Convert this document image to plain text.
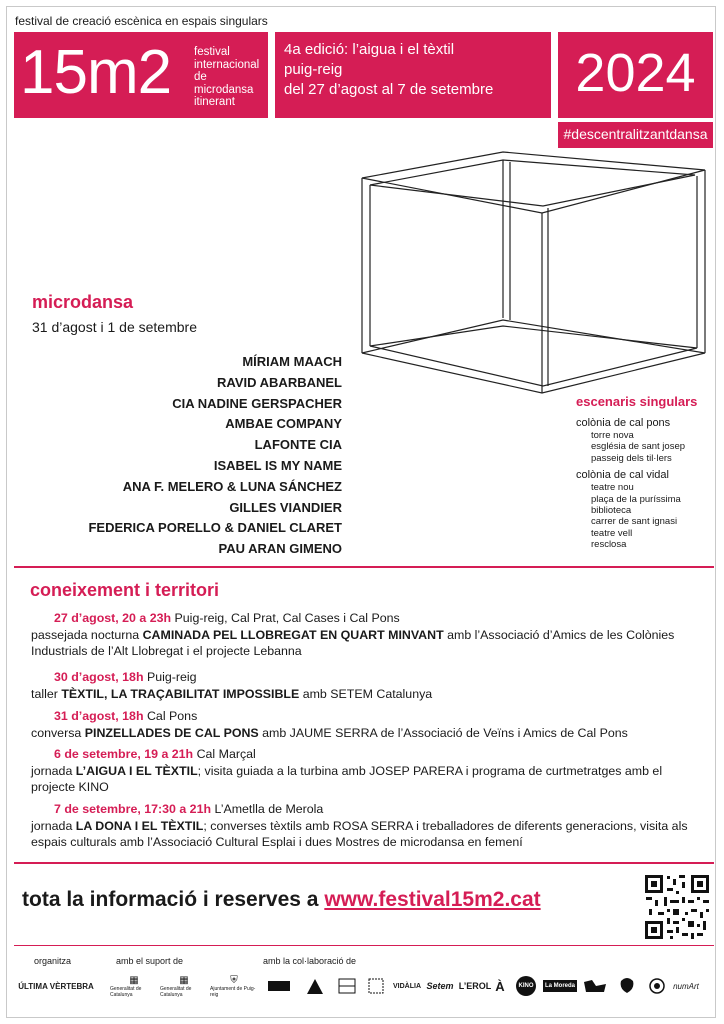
festival de creació escènica en espais singulars
15m2 festival
internacional
de microdansa
itinerant
4a edició: l’aigua i el tèxtil
puig-reig
del 27 d’agost al 7 de setembre	2024
#descentralitzantdansa
microdansa
31 d’agost i 1 de setembre
MÍRIAM MAACH
RAVID ABARBANEL
CIA NADINE GERSPACHER
AMBAE COMPANY
LAFONTE CIA
ISABEL IS MY NAME
ANA F. MELERO & LUNA SÁNCHEZ
GILLES VIANDIER
FEDERICA PORELLO & DANIEL CLARET
PAU ARAN GIMENO
escenaris singulars
colònia de cal pons
torre nova
església de sant josep
passeig dels til·lers
colònia de cal vidal
teatre nou
plaça de la puríssima
biblioteca
carrer de sant ignasi
teatre vell
resclosa
coneixement i territori
27 d’agost, 20 a 23h Puig-reig, Cal Prat, Cal Cases i Cal Pons
passejada nocturna CAMINADA PEL LLOBREGAT EN QUART MINVANT amb l’Associació d’Amics de les Colònies Industrials de l’Alt Llobregat i el projecte Lebanna
30 d’agost, 18h Puig-reig
taller TÈXTIL, LA TRAÇABILITAT IMPOSSIBLE amb SETEM Catalunya
31 d’agost, 18h Cal Pons
conversa PINZELLADES DE CAL PONS amb JAUME SERRA de l’Associació de Veïns i Amics de Cal Pons
6 de setembre, 19 a 21h Cal Marçal
jornada L’AIGUA I EL TÈXTIL; visita guiada a la turbina amb JOSEP PARERA i programa de curtmetratges amb el projecte KINO
7 de setembre, 17:30 a 21h L’Ametlla de Merola
jornada LA DONA I EL TÈXTIL; converses tèxtils amb ROSA SERRA i treballadores de diferents generacions, visita als espais culturals amb l’Associació Cultural Esplai i dues Mostres de microdansa en femení
tota la informació i reserves a www.festival15m2.cat
organitza	amb el suport de	amb la col·laboració de
ÚLTIMA VÈRTEBRA
▦
Generalitat de Catalunya
▦
Generalitat de Catalunya
⛨
Ajuntament de Puig-reig
VIDÀLIA Setem L’EROL À	KINO	La Moreda	numArt
